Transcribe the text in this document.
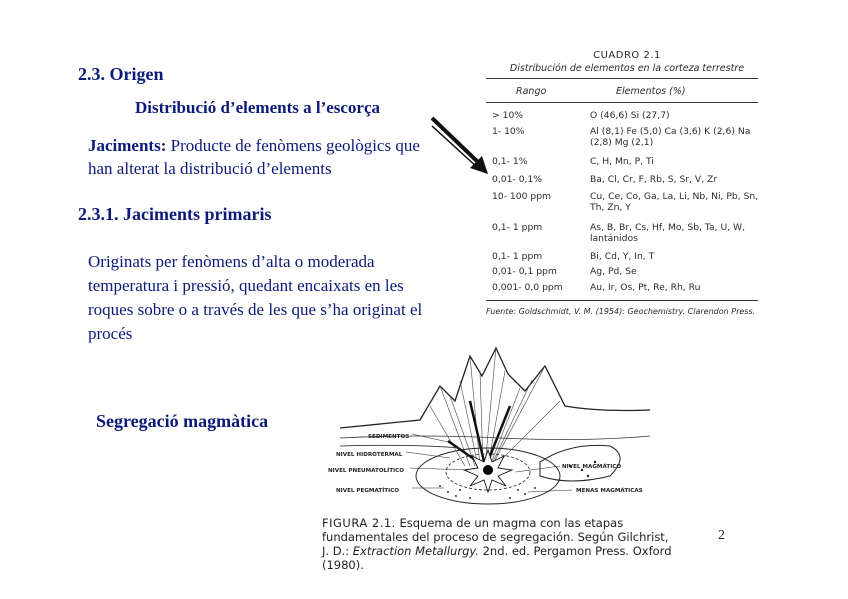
2.3. Origen
Distribució d’elements a l’escorça
Jaciments: Producte de fenòmens geològics que han alterat la distribució d’elements
2.3.1. Jaciments primaris
Originats per fenòmens d’alta o moderada temperatura i pressió, quedant encaixats en les roques sobre o a través de les que s’ha originat el procés
Segregació magmàtica
2
CUADRO 2.1
Distribución de elementos en la corteza terrestre
Rango	Elementos (%)
> 10%	O (46,6) Si (27,7)
1- 10%	Al (8,1) Fe (5,0) Ca (3,6) K (2,6) Na (2,8) Mg (2,1)
0,1- 1%	C, H, Mn, P, Ti
0,01- 0,1%	Ba, Cl, Cr, F, Rb, S, Sr, V, Zr
10- 100 ppm	Cu, Ce, Co, Ga, La, Li, Nb, Ni, Pb, Sn, Th, Zn, Y
0,1- 1 ppm	As, B, Br, Cs, Hf, Mo, Sb, Ta, U, W, lantánidos
0,1- 1 ppm	Bi, Cd, Y, In, T
0,01- 0,1 ppm	Ag, Pd, Se
0,001- 0,0 ppm	Au, Ir, Os, Pt, Re, Rh, Ru
Fuente: Goldschmidt, V. M. (1954): Geochemistry. Clarendon Press.
SEDIMENTOS
NIVEL HIDROTERMAL
NIVEL PNEUMATOLÍTICO
NIVEL PEGMATÍTICO
NIVEL MAGMÁTICO
MENAS MAGMÁTICAS
FIGURA 2.1. Esquema de un magma con las etapas fundamentales del proceso de segregación. Según Gilchrist, J. D.: Extraction Metallurgy. 2nd. ed. Pergamon Press. Oxford (1980).
